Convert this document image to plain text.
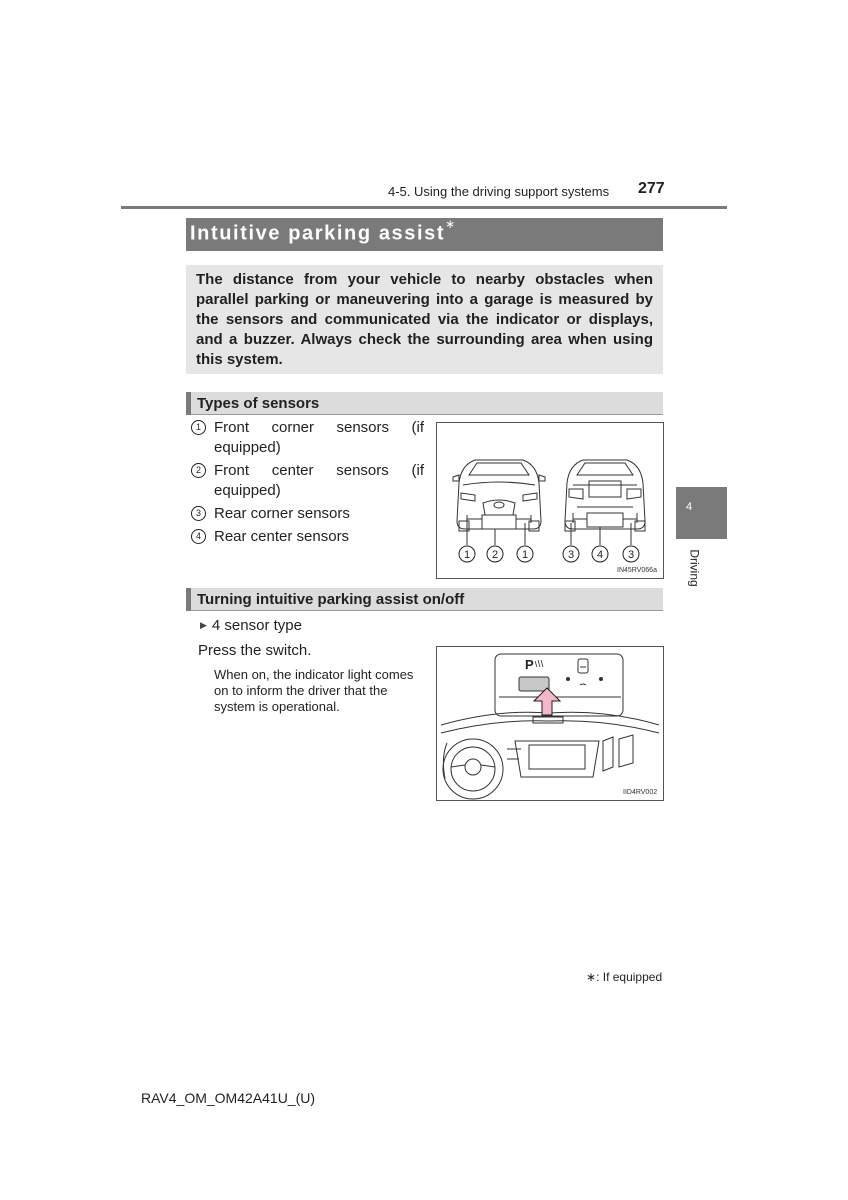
4-5. Using the driving support systems 277
4
Driving
Intuitive parking assist∗
The distance from your vehicle to nearby obstacles when parallel parking or maneuvering into a garage is measured by the sensors and communicated via the indicator or displays, and a buzzer. Always check the surrounding area when using this system.
Types of sensors
1 Front corner sensors (if
equipped)
2 Front center sensors (if
equipped)
3 Rear corner sensors
4 Rear center sensors
1 2 1	3 4 3
IN45RV066a
Turning intuitive parking assist on/off
▶ 4 sensor type
Press the switch.
When on, the indicator light comes on to inform the driver that the system is operational.
P
IID4RV002
∗: If equipped
RAV4_OM_OM42A41U_(U)
